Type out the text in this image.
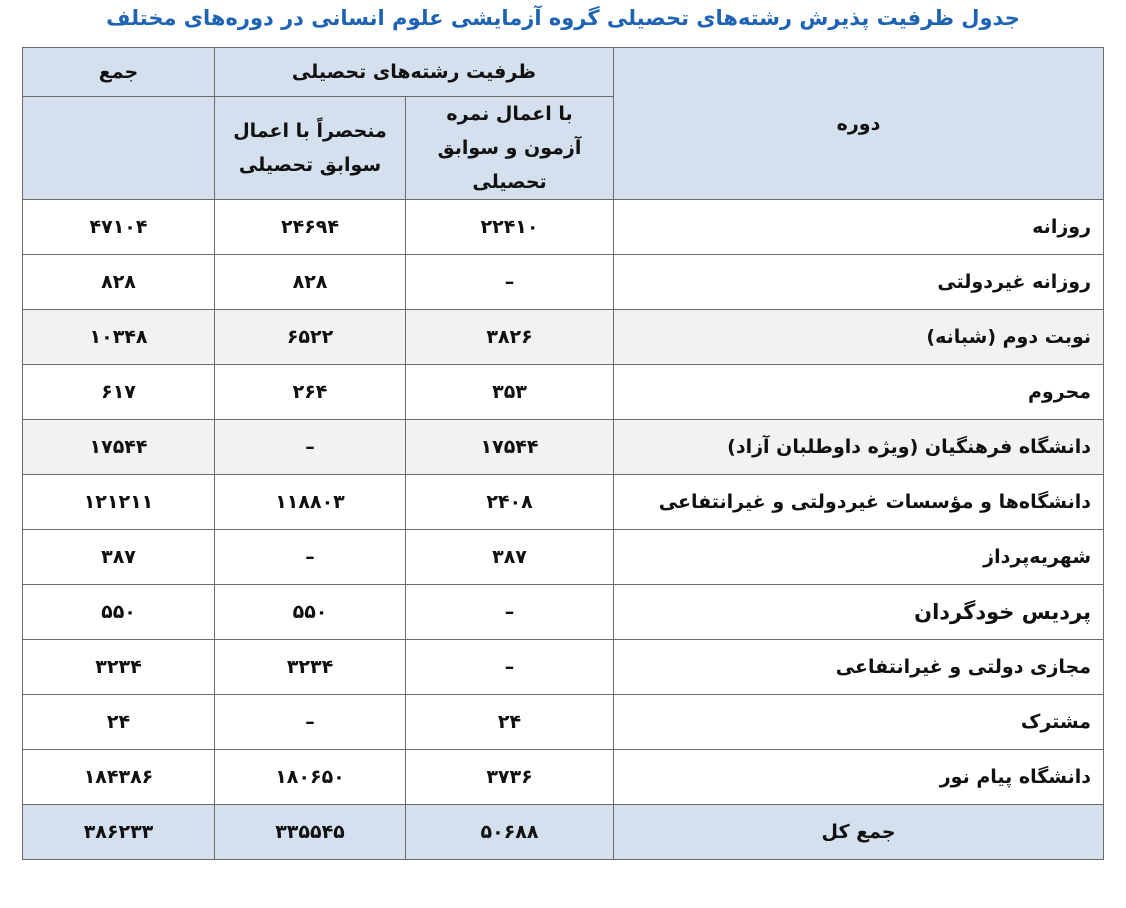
جدول ظرفیت پذیرش رشته‌های تحصیلی گروه آزمایشی علوم انسانی در دوره‌های مختلف
دوره	ظرفیت رشته‌های تحصیلی		جمع
	با اعمال نمره آزمون و سوابق تحصیلی	منحصراً با اعمال سوابق تحصیلی	
روزانه	۲۲۴۱۰	۲۴۶۹۴	۴۷۱۰۴
روزانه غیردولتی	–	۸۲۸	۸۲۸
نوبت دوم (شبانه)	۳۸۲۶	۶۵۲۲	۱۰۳۴۸
محروم	۳۵۳	۲۶۴	۶۱۷
دانشگاه فرهنگیان (ویژه داوطلبان آزاد)	۱۷۵۴۴	–	۱۷۵۴۴
دانشگاه‌ها و مؤسسات غیردولتی و غیرانتفاعی	۲۴۰۸	۱۱۸۸۰۳	۱۲۱۲۱۱
شهریه‌پرداز	۳۸۷	–	۳۸۷
پردیس خودگردان	–	۵۵۰	۵۵۰
مجازی دولتی و غیرانتفاعی	–	۳۲۳۴	۳۲۳۴
مشترک	۲۴	–	۲۴
دانشگاه پیام نور	۳۷۳۶	۱۸۰۶۵۰	۱۸۴۳۸۶
جمع کل	۵۰۶۸۸	۳۳۵۵۴۵	۳۸۶۲۳۳
